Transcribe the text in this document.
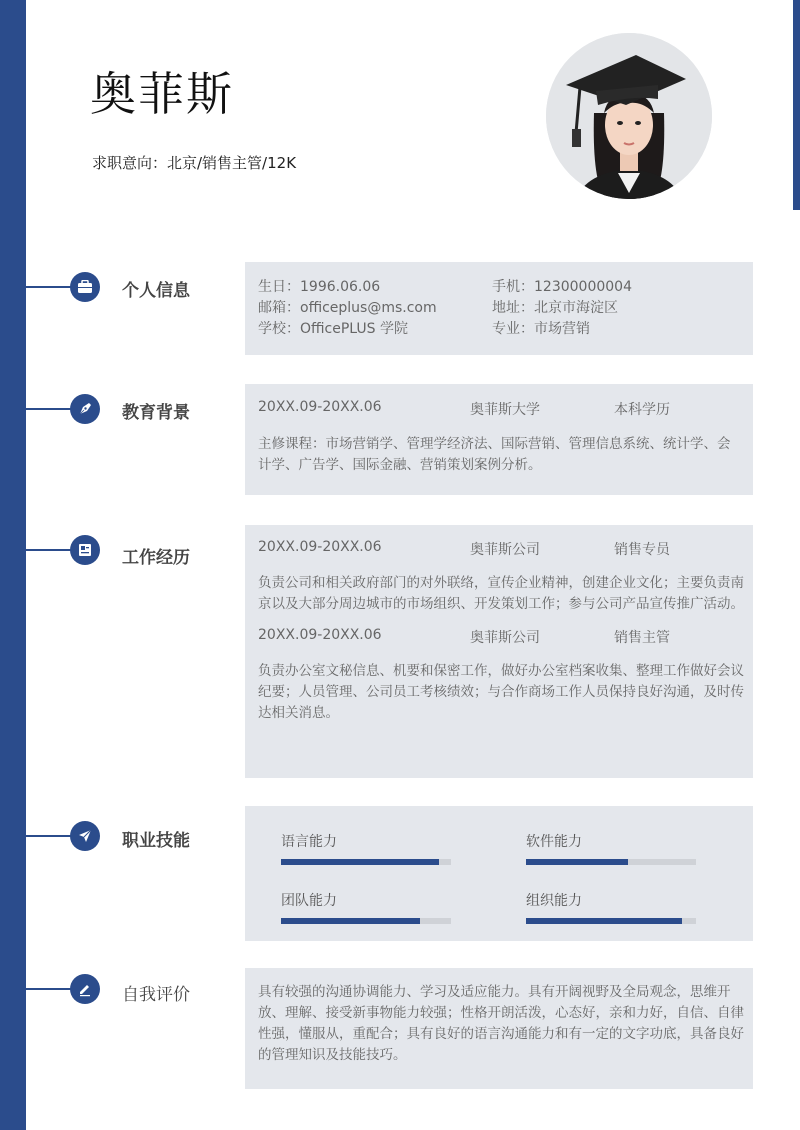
奥菲斯
求职意向：北京/销售主管/12K
个人信息	生日：1996.06.06	手机：12300000004
邮箱：officeplus@ms.com	地址：北京市海淀区
学校：OfficePLUS 学院	专业：市场营销
教育背景	20XX.09-20XX.06	奥菲斯大学	本科学历
主修课程：市场营销学、管理学经济法、国际营销、管理信息系统、统计学、会计学、广告学、国际金融、营销策划案例分析。
工作经历
20XX.09-20XX.06	奥菲斯公司	销售专员
负责公司和相关政府部门的对外联络，宣传企业精神，创建企业文化；主要负责南京以及大部分周边城市的市场组织、开发策划工作；参与公司产品宣传推广活动。
20XX.09-20XX.06	奥菲斯公司	销售主管
负责办公室文秘信息、机要和保密工作，做好办公室档案收集、整理工作做好会议纪要；人员管理、公司员工考核绩效；与合作商场工作人员保持良好沟通，及时传达相关消息。
职业技能	语言能力	软件能力
团队能力	组织能力
自我评价	具有较强的沟通协调能力、学习及适应能力。具有开阔视野及全局观念，思维开放、理解、接受新事物能力较强；性格开朗活泼，心态好，亲和力好，自信、自律性强，懂服从，重配合；具有良好的语言沟通能力和有一定的文字功底，具备良好的管理知识及技能技巧。
